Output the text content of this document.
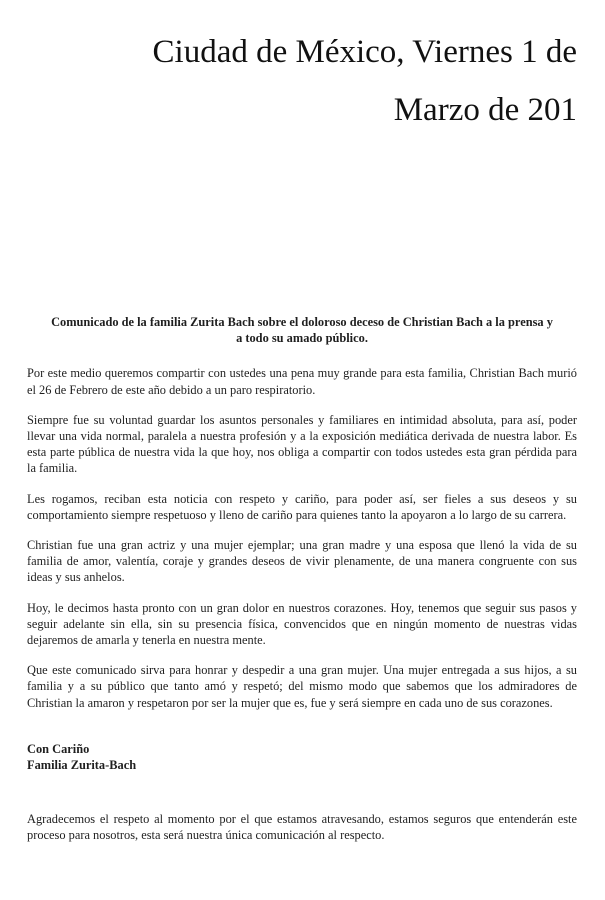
Ciudad de México, Viernes 1 de
Marzo de 201
Comunicado de la familia Zurita Bach sobre el doloroso deceso de Christian Bach a la prensa y a todo su amado público.

Por este medio queremos compartir con ustedes una pena muy grande para esta familia, Christian Bach murió el 26 de Febrero de este año debido a un paro respiratorio.

Siempre fue su voluntad guardar los asuntos personales y familiares en intimidad absoluta, para así, poder llevar una vida normal, paralela a nuestra profesión y a la exposición mediática derivada de nuestra labor. Es esta parte pública de nuestra vida la que hoy, nos obliga a compartir con todos ustedes esta gran pérdida para la familia.

Les rogamos, reciban esta noticia con respeto y cariño, para poder así, ser fieles a sus deseos y su comportamiento siempre respetuoso y lleno de cariño para quienes tanto la apoyaron a lo largo de su carrera.

Christian fue una gran actriz y una mujer ejemplar; una gran madre y una esposa que llenó la vida de su familia de amor, valentía, coraje y grandes deseos de vivir plenamente, de una manera congruente con sus ideas y sus anhelos.

Hoy, le decimos hasta pronto con un gran dolor en nuestros corazones. Hoy, tenemos que seguir sus pasos y seguir adelante sin ella, sin su presencia física, convencidos que en ningún momento de nuestras vidas dejaremos de amarla y tenerla en nuestra mente.

Que este comunicado sirva para honrar y despedir a una gran mujer. Una mujer entregada a sus hijos, a su familia y a su público que tanto amó y respetó; del mismo modo que sabemos que los admiradores de Christian la amaron y respetaron por ser la mujer que es, fue y será siempre en cada uno de sus corazones.

Con Cariño
Familia Zurita-Bach

Agradecemos el respeto al momento por el que estamos atravesando, estamos seguros que entenderán este proceso para nosotros, esta será nuestra única comunicación al respecto.
